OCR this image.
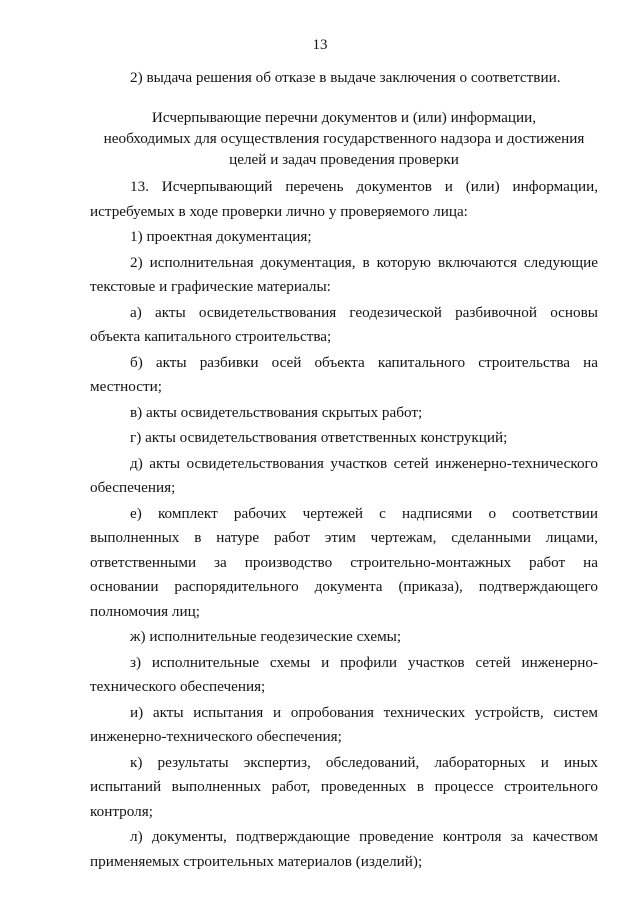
13

2) выдача решения об отказе в выдаче заключения о соответствии.

Исчерпывающие перечни документов и (или) информации,
необходимых для осуществления государственного надзора и достижения
целей и задач проведения проверки

13. Исчерпывающий перечень документов и (или) информации, истребуемых в ходе проверки лично у проверяемого лица:

1) проектная документация;

2) исполнительная документация, в которую включаются следующие текстовые и графические материалы:

а) акты освидетельствования геодезической разбивочной основы объекта капитального строительства;

б) акты разбивки осей объекта капитального строительства на местности;

в) акты освидетельствования скрытых работ;

г) акты освидетельствования ответственных конструкций;

д) акты освидетельствования участков сетей инженерно-технического обеспечения;

е) комплект рабочих чертежей с надписями о соответствии выполненных в натуре работ этим чертежам, сделанными лицами, ответственными за производство строительно-монтажных работ на основании распорядительного документа (приказа), подтверждающего полномочия лиц;

ж) исполнительные геодезические схемы;

з) исполнительные схемы и профили участков сетей инженерно-технического обеспечения;

и) акты испытания и опробования технических устройств, систем инженерно-технического обеспечения;

к) результаты экспертиз, обследований, лабораторных и иных испытаний выполненных работ, проведенных в процессе строительного контроля;

л) документы, подтверждающие проведение контроля за качеством применяемых строительных материалов (изделий);
